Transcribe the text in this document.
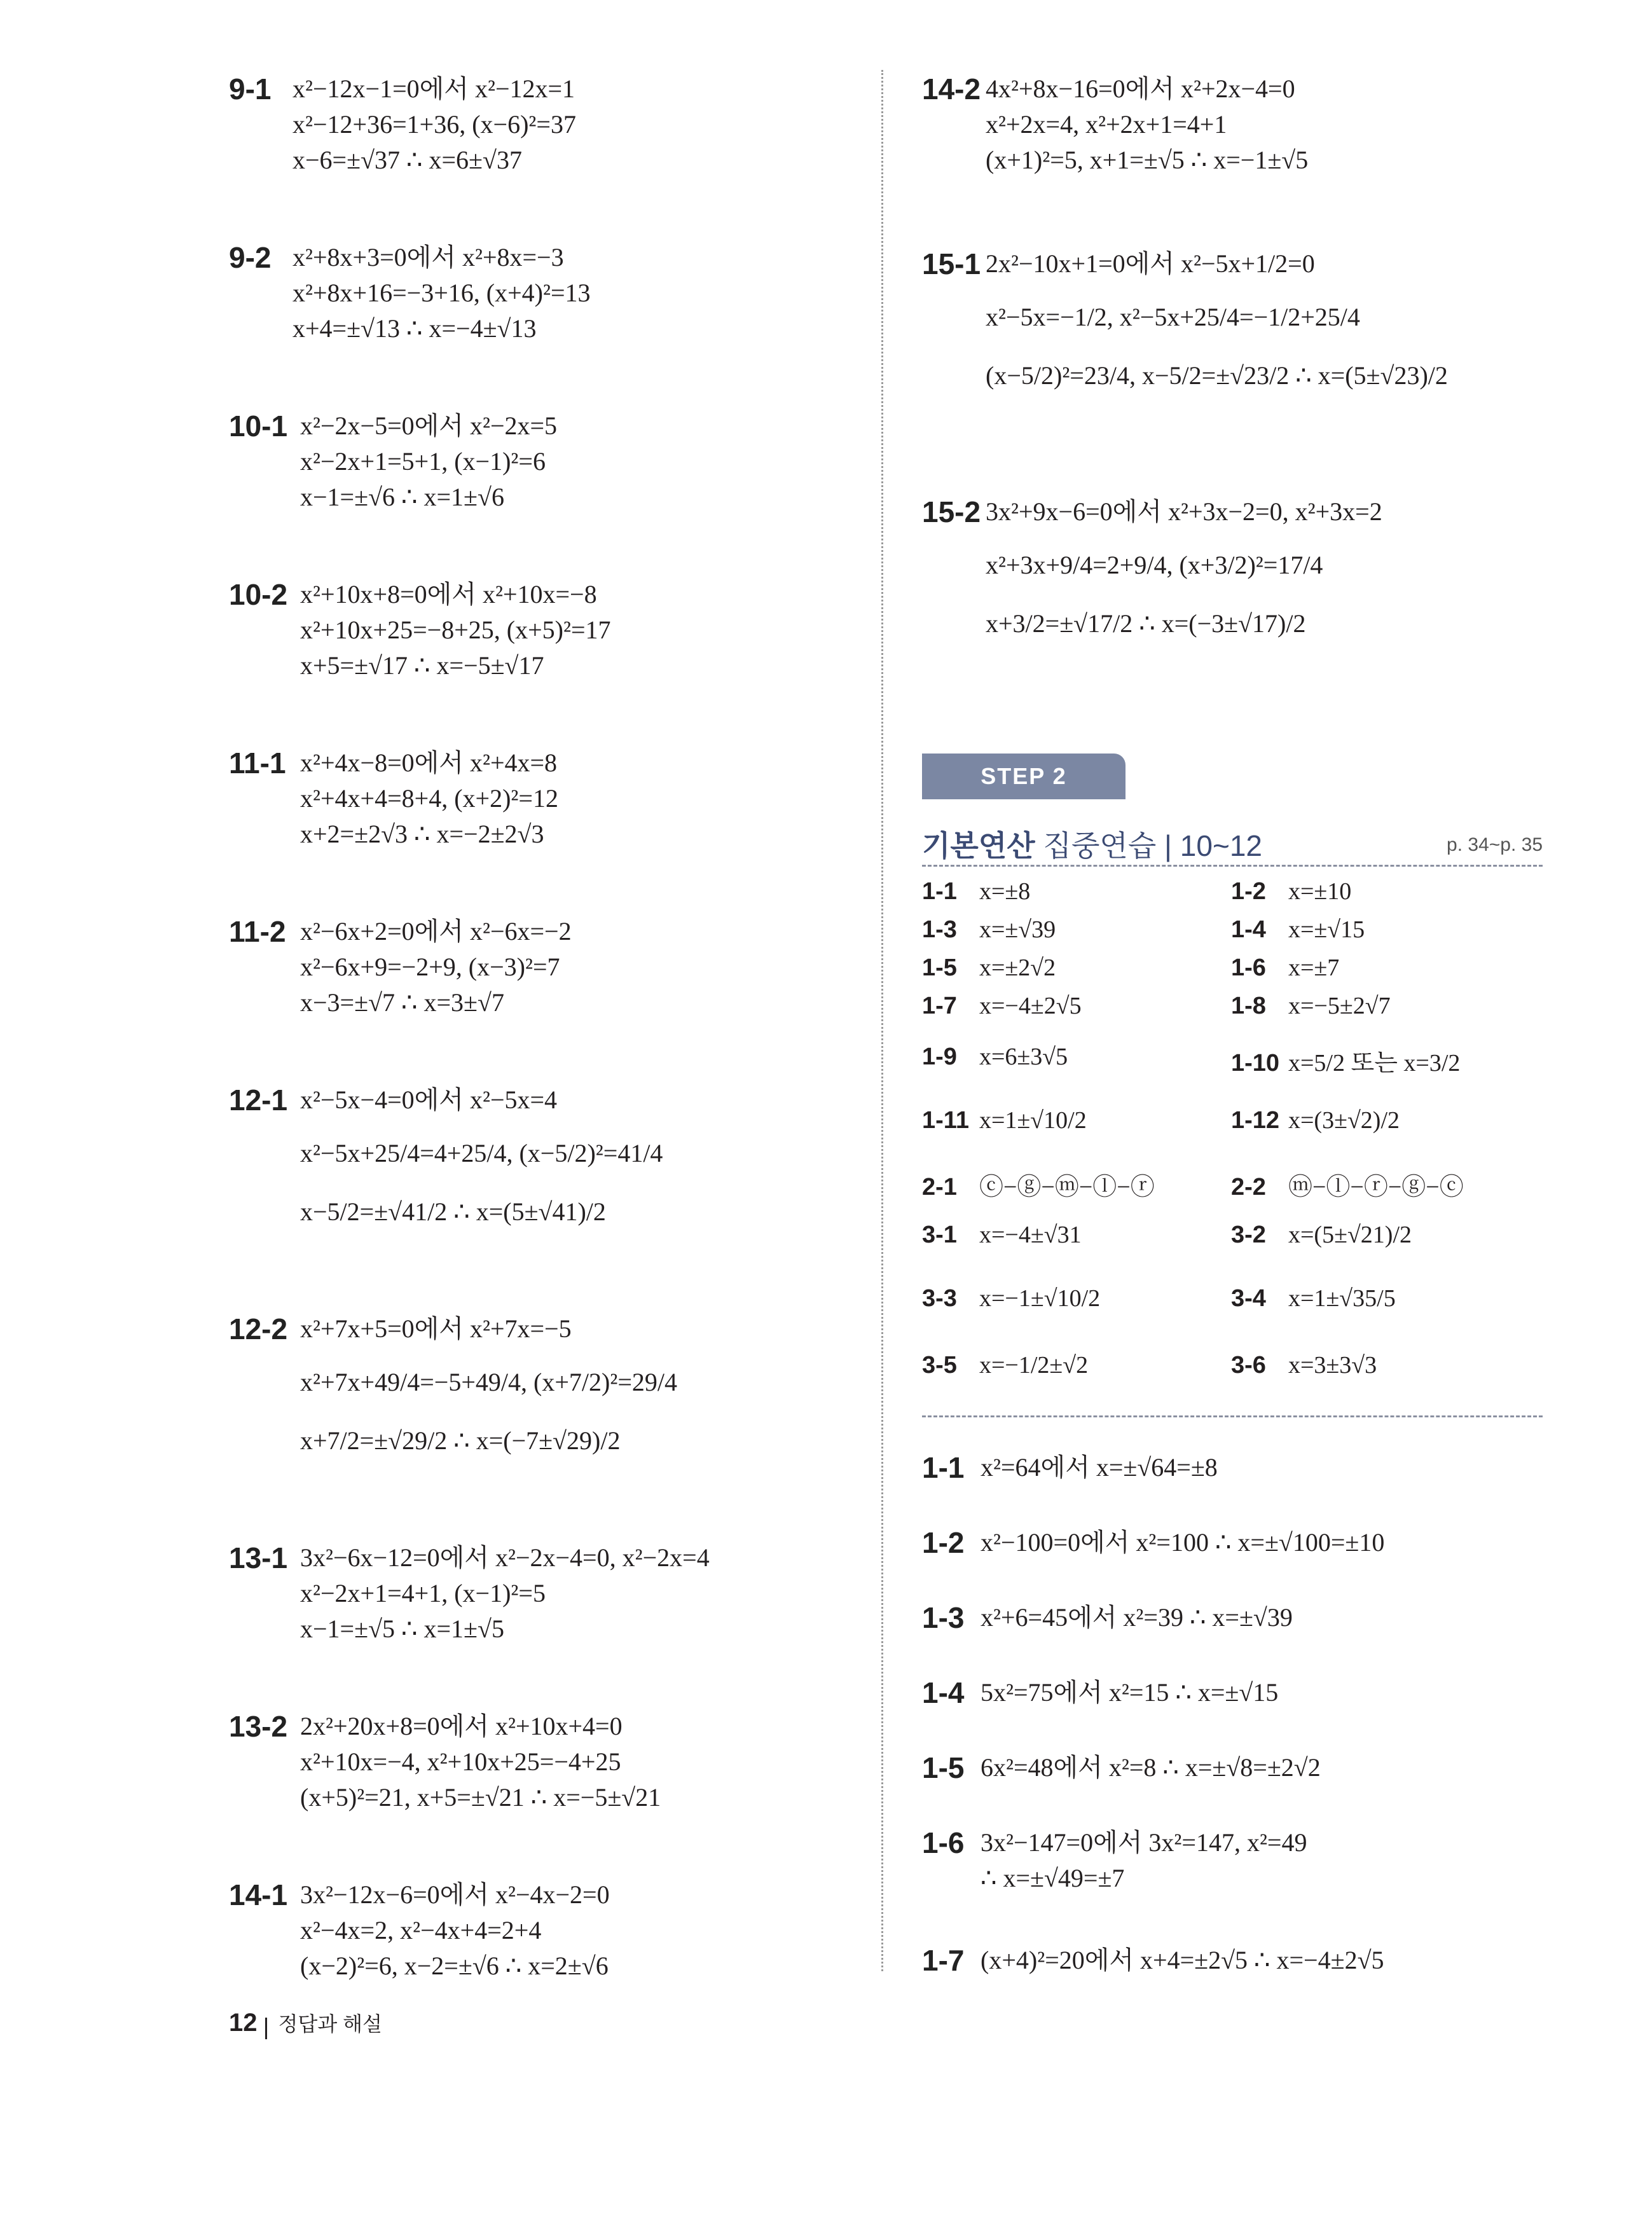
9-1 x²−12x−1=0에서 x²−12x=1
x²−12+36=1+36, (x−6)²=37
x−6=±√37 ∴ x=6±√37
9-2 x²+8x+3=0에서 x²+8x=−3
x²+8x+16=−3+16, (x+4)²=13
x+4=±√13 ∴ x=−4±√13
10-1 x²−2x−5=0에서 x²−2x=5
x²−2x+1=5+1, (x−1)²=6
x−1=±√6 ∴ x=1±√6
10-2 x²+10x+8=0에서 x²+10x=−8
x²+10x+25=−8+25, (x+5)²=17
x+5=±√17 ∴ x=−5±√17
11-1 x²+4x−8=0에서 x²+4x=8
x²+4x+4=8+4, (x+2)²=12
x+2=±2√3 ∴ x=−2±2√3
11-2 x²−6x+2=0에서 x²−6x=−2
x²−6x+9=−2+9, (x−3)²=7
x−3=±√7 ∴ x=3±√7
12-1 x²−5x−4=0에서 x²−5x=4
x²−5x+25/4=4+25/4, (x−5/2)²=41/4
x−5/2=±√41/2 ∴ x=(5±√41)/2
12-2 x²+7x+5=0에서 x²+7x=−5
x²+7x+49/4=−5+49/4, (x+7/2)²=29/4
x+7/2=±√29/2 ∴ x=(−7±√29)/2
13-1 3x²−6x−12=0에서 x²−2x−4=0, x²−2x=4
x²−2x+1=4+1, (x−1)²=5
x−1=±√5 ∴ x=1±√5
13-2 2x²+20x+8=0에서 x²+10x+4=0
x²+10x=−4, x²+10x+25=−4+25
(x+5)²=21, x+5=±√21 ∴ x=−5±√21
14-1 3x²−12x−6=0에서 x²−4x−2=0
x²−4x=2, x²−4x+4=2+4
(x−2)²=6, x−2=±√6 ∴ x=2±√6
14-2 4x²+8x−16=0에서 x²+2x−4=0
x²+2x=4, x²+2x+1=4+1
(x+1)²=5, x+1=±√5 ∴ x=−1±√5
15-1 2x²−10x+1=0에서 x²−5x+1/2=0
x²−5x=−1/2, x²−5x+25/4=−1/2+25/4
(x−5/2)²=23/4, x−5/2=±√23/2 ∴ x=(5±√23)/2
15-2 3x²+9x−6=0에서 x²+3x−2=0, x²+3x=2
x²+3x+9/4=2+9/4, (x+3/2)²=17/4
x+3/2=±√17/2 ∴ x=(−3±√17)/2
STEP 2
기본연산 집중연습 | 10~12	p. 34~p. 35
1-1 x=±8	1-2 x=±10
1-3 x=±√39	1-4 x=±√15
1-5 x=±2√2	1-6 x=±7
1-7 x=−4±2√5	1-8 x=−5±2√7
1-9 x=6±3√5	1-10 x=5/2 또는 x=3/2
1-11 x=1±√10/2	1-12 x=(3±√2)/2
2-1 ⓒ−ⓖ−ⓜ−ⓛ−ⓡ	2-2 ⓜ−ⓛ−ⓡ−ⓖ−ⓒ
3-1 x=−4±√31	3-2 x=(5±√21)/2
3-3 x=−1±√10/2	3-4 x=1±√35/5
3-5 x=−1/2±√2	3-6 x=3±3√3
1-1 x²=64에서 x=±√64=±8
1-2 x²−100=0에서 x²=100 ∴ x=±√100=±10
1-3 x²+6=45에서 x²=39 ∴ x=±√39
1-4 5x²=75에서 x²=15 ∴ x=±√15
1-5 6x²=48에서 x²=8 ∴ x=±√8=±2√2
1-6 3x²−147=0에서 3x²=147, x²=49
∴ x=±√49=±7
1-7 (x+4)²=20에서 x+4=±2√5 ∴ x=−4±2√5
12 정답과 해설
